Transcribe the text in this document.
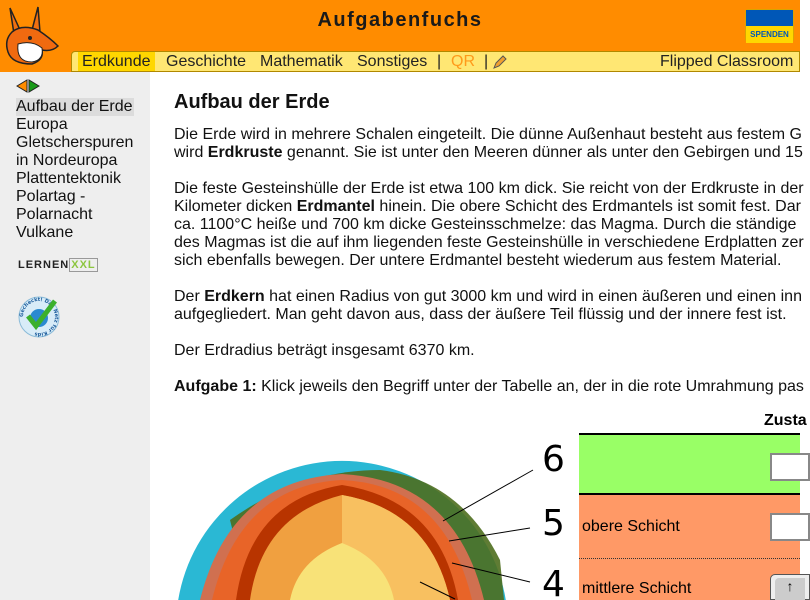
Aufgabenfuchs
SPENDEN
Erdkunde Geschichte Mathematik Sonstiges | QR |	Flipped Classroom
Aufbau der Erde
Europa
Gletscherspuren
in Nordeuropa
Plattentektonik
Polartag -
Polarnacht
Vulkane
LERNEN XXL
Gecheckt! Das Netz für Kids
Aufbau der Erde

Die Erde wird in mehrere Schalen eingeteilt. Die dünne Außenhaut besteht aus festem G
wird Erdkruste genannt. Sie ist unter den Meeren dünner als unter den Gebirgen und 15

Die feste Gesteinshülle der Erde ist etwa 100 km dick. Sie reicht von der Erdkruste in der
Kilometer dicken Erdmantel hinein. Die obere Schicht des Erdmantels ist somit fest. Dar
ca. 1100°C heiße und 700 km dicke Gesteinsschmelze: das Magma. Durch die ständige
des Magmas ist die auf ihm liegenden feste Gesteinshülle in verschiedene Erdplatten zer
sich ebenfalls bewegen. Der untere Erdmantel besteht wiederum aus festem Material.

Der Erdkern hat einen Radius von gut 3000 km und wird in einen äußeren und einen inn
aufgegliedert. Man geht davon aus, dass der äußere Teil flüssig und der innere fest ist.

Der Erdradius beträgt insgesamt 6370 km.

Aufgabe 1: Klick jeweils den Begriff unter der Tabelle an, der in die rote Umrahmung pas

6
5
4
Zusta
obere Schicht
mittlere Schicht	↑
